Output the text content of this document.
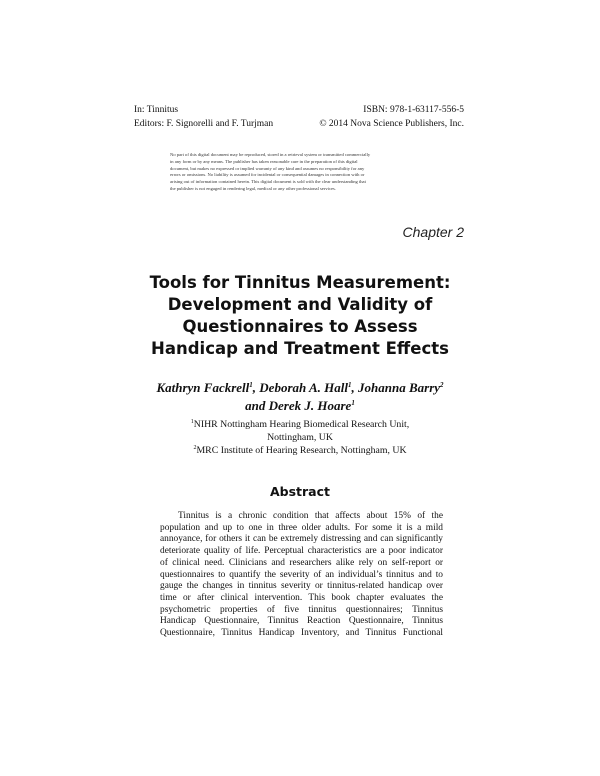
In: Tinnitus	ISBN: 978-1-63117-556-5
Editors: F. Signorelli and F. Turjman	© 2014 Nova Science Publishers, Inc.

No part of this digital document may be reproduced, stored in a retrieval system or transmitted commercially

in any form or by any means. The publisher has taken reasonable care in the preparation of this digital

document, but makes no expressed or implied warranty of any kind and assumes no responsibility for any

errors or omissions. No liability is assumed for incidental or consequential damages in connection with or

arising out of information contained herein. This digital document is sold with the clear understanding that

the publisher is not engaged in rendering legal, medical or any other professional services.

Chapter 2
Tools for Tinnitus Measurement:
Development and Validity of
Questionnaires to Assess
Handicap and Treatment Effects
Kathryn Fackrell$^1$, Deborah A. Hall$^1$, Johanna Barry$^2$
and Derek J. Hoare$^1$
$^1$NIHR Nottingham Hearing Biomedical Research Unit,
Nottingham, UK
$^2$MRC Institute of Hearing Research, Nottingham, UK
Abstract
Tinnitus is a chronic condition that affects about 15% of the
population and up to one in three older adults. For some it is a mild
annoyance, for others it can be extremely distressing and can significantly
deteriorate quality of life. Perceptual characteristics are a poor indicator
of clinical need. Clinicians and researchers alike rely on self-report or
questionnaires to quantify the severity of an individual’s tinnitus and to
gauge the changes in tinnitus severity or tinnitus-related handicap over
time or after clinical intervention. This book chapter evaluates the
psychometric properties of five tinnitus questionnaires; Tinnitus
Handicap Questionnaire, Tinnitus Reaction Questionnaire, Tinnitus
Questionnaire, Tinnitus Handicap Inventory, and Tinnitus Functional
